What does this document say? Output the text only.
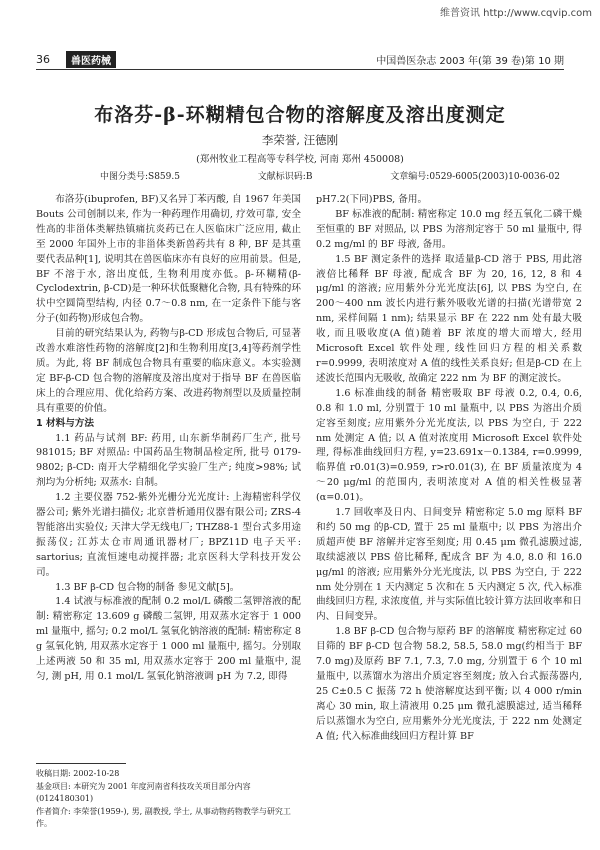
维普资讯 http://www.cqvip.com
36	兽医药械	中国兽医杂志 2003 年(第 39 卷)第 10 期
布洛芬-β-环糊精包合物的溶解度及溶出度测定
李荣誉, 汪德刚
(郑州牧业工程高等专科学校, 河南 郑州 450008)
中图分类号:S859.5	文献标识码:B	文章编号:0529-6005(2003)10-0036-02

布洛芬(ibuprofen, BF)又名异丁苯丙酸, 自 1967 年美国 Bouts 公司创制以来, 作为一种药理作用确切, 疗效可靠, 安全性高的非甾体类解热镇痛抗炎药已在人医临床广泛应用, 截止至 2000 年国外上市的非甾体类新兽药共有 8 种, BF 是其重要代表品种[1], 说明其在兽医临床亦有良好的应用前景。但是, BF 不溶于水, 溶出度低, 生物利用度亦低。β-环糊精(β-Cyclodextrin, β-CD)是一种环状低聚糖化合物, 具有特殊的环状中空圆筒型结构, 内径 0.7～0.8 nm, 在一定条件下能与客分子(如药物)形成包合物。

目前的研究结果认为, 药物与β-CD 形成包合物后, 可显著改善水难溶性药物的溶解度[2]和生物利用度[3,4]等药剂学性质。为此, 将 BF 制成包合物具有重要的临床意义。本实验测定 BF-β-CD 包合物的溶解度及溶出度对于指导 BF 在兽医临床上的合理应用、优化给药方案、改进药物剂型以及质量控制具有重要的价值。

1 材料与方法

1.1 药品与试剂 BF: 药用, 山东新华制药厂生产, 批号 981015; BF 对照品: 中国药品生物制品检定所, 批号 0179-9802; β-CD: 南开大学精细化学实验厂生产; 纯度>98%; 试剂均为分析纯; 双蒸水: 自制。

1.2 主要仪器 752-紫外光栅分光光度计: 上海精密科学仪器公司; 紫外光谱扫描仪; 北京普析通用仪器有限公司; ZRS-4 智能溶出实验仪; 天津大学无线电厂; THZ88-1 型台式多用途振荡仪; 江苏太仓市周通讯器材厂; BPZ11D 电子天平: sartorius; 直流恒速电动搅拌器; 北京医科大学科技开发公司。

1.3 BF β-CD 包合物的制备 参见文献[5]。

1.4 试液与标准液的配制 0.2 mol/L 磷酸二氢钾溶液的配制: 精密称定 13.609 g 磷酸二氢钾, 用双蒸水定容于 1 000 ml 量瓶中, 摇匀; 0.2 mol/L 氢氧化钠溶液的配制: 精密称定 8 g 氢氧化钠, 用双蒸水定容于 1 000 ml 量瓶中, 摇匀。分别取上述两液 50 和 35 ml, 用双蒸水定容于 200 ml 量瓶中, 混匀, 测 pH, 用 0.1 mol/L 氢氧化钠溶液调 pH 为 7.2, 即得

收稿日期: 2002-10-28

基金项目: 本研究为 2001 年度河南省科技攻关项目部分内容(0124180301)

作者简介: 李荣誉(1959-), 男, 副教授, 学士, 从事动物药物教学与研究工作。

pH7.2(下同)PBS, 备用。

BF 标准液的配制: 精密称定 10.0 mg 经五氧化二磷干燥至恒重的 BF 对照品, 以 PBS 为溶剂定容于 50 ml 量瓶中, 得 0.2 mg/ml 的 BF 母液, 备用。

1.5 BF 测定条件的选择 取适量β-CD 溶于 PBS, 用此溶液倍比稀释 BF 母液, 配成含 BF 为 20, 16, 12, 8 和 4 μg/ml 的溶液; 应用紫外分光光度法[6], 以 PBS 为空白, 在 200～400 nm 波长内进行紫外吸收光谱的扫描(光谱带宽 2 nm, 采样间隔 1 nm); 结果显示 BF 在 222 nm 处有最大吸收, 而且吸收度(A 值)随着 BF 浓度的增大而增大, 经用 Microsoft Excel 软件处理, 线性回归方程的相关系数 r=0.9999, 表明浓度对 A 值的线性关系良好; 但是β-CD 在上述波长范围内无吸收, 故确定 222 nm 为 BF 的测定波长。

1.6 标准曲线的制备 精密吸取 BF 母液 0.2, 0.4, 0.6, 0.8 和 1.0 ml, 分别置于 10 ml 量瓶中, 以 PBS 为溶出介质定容至刻度; 应用紫外分光光度法, 以 PBS 为空白, 于 222 nm 处测定 A 值; 以 A 值对浓度用 Microsoft Excel 软件处理, 得标准曲线回归方程, y=23.691x－0.1384, r=0.9999, 临界值 r0.01(3)=0.959, r>r0.01(3), 在 BF 质量浓度为 4～20 μg/ml 的范围内, 表明浓度对 A 值的相关性极显著(α=0.01)。

1.7 回收率及日内、日间变异 精密称定 5.0 mg 原料 BF 和约 50 mg 的β-CD, 置于 25 ml 量瓶中; 以 PBS 为溶出介质超声使 BF 溶解并定容至刻度; 用 0.45 μm 微孔滤膜过滤, 取续滤液以 PBS 倍比稀释, 配成含 BF 为 4.0, 8.0 和 16.0 μg/ml 的溶液; 应用紫外分光光度法, 以 PBS 为空白, 于 222 nm 处分别在 1 天内测定 5 次和在 5 天内测定 5 次, 代入标准曲线回归方程, 求浓度值, 并与实际值比较计算方法回收率和日内、日间变异。

1.8 BF β-CD 包合物与原药 BF 的溶解度 精密称定过 60 目筛的 BF β-CD 包合物 58.2, 58.5, 58.0 mg(约相当于 BF 7.0 mg)及原药 BF 7.1, 7.3, 7.0 mg, 分别置于 6 个 10 ml 量瓶中, 以蒸馏水为溶出介质定容至刻度; 放入台式振荡器内, 25 C±0.5 C 振荡 72 h 使溶解度达到平衡; 以 4 000 r/min 离心 30 min, 取上清液用 0.25 μm 微孔滤膜滤过, 适当稀释后以蒸馏水为空白, 应用紫外分光光度法, 于 222 nm 处测定 A 值; 代入标准曲线回归方程计算 BF
